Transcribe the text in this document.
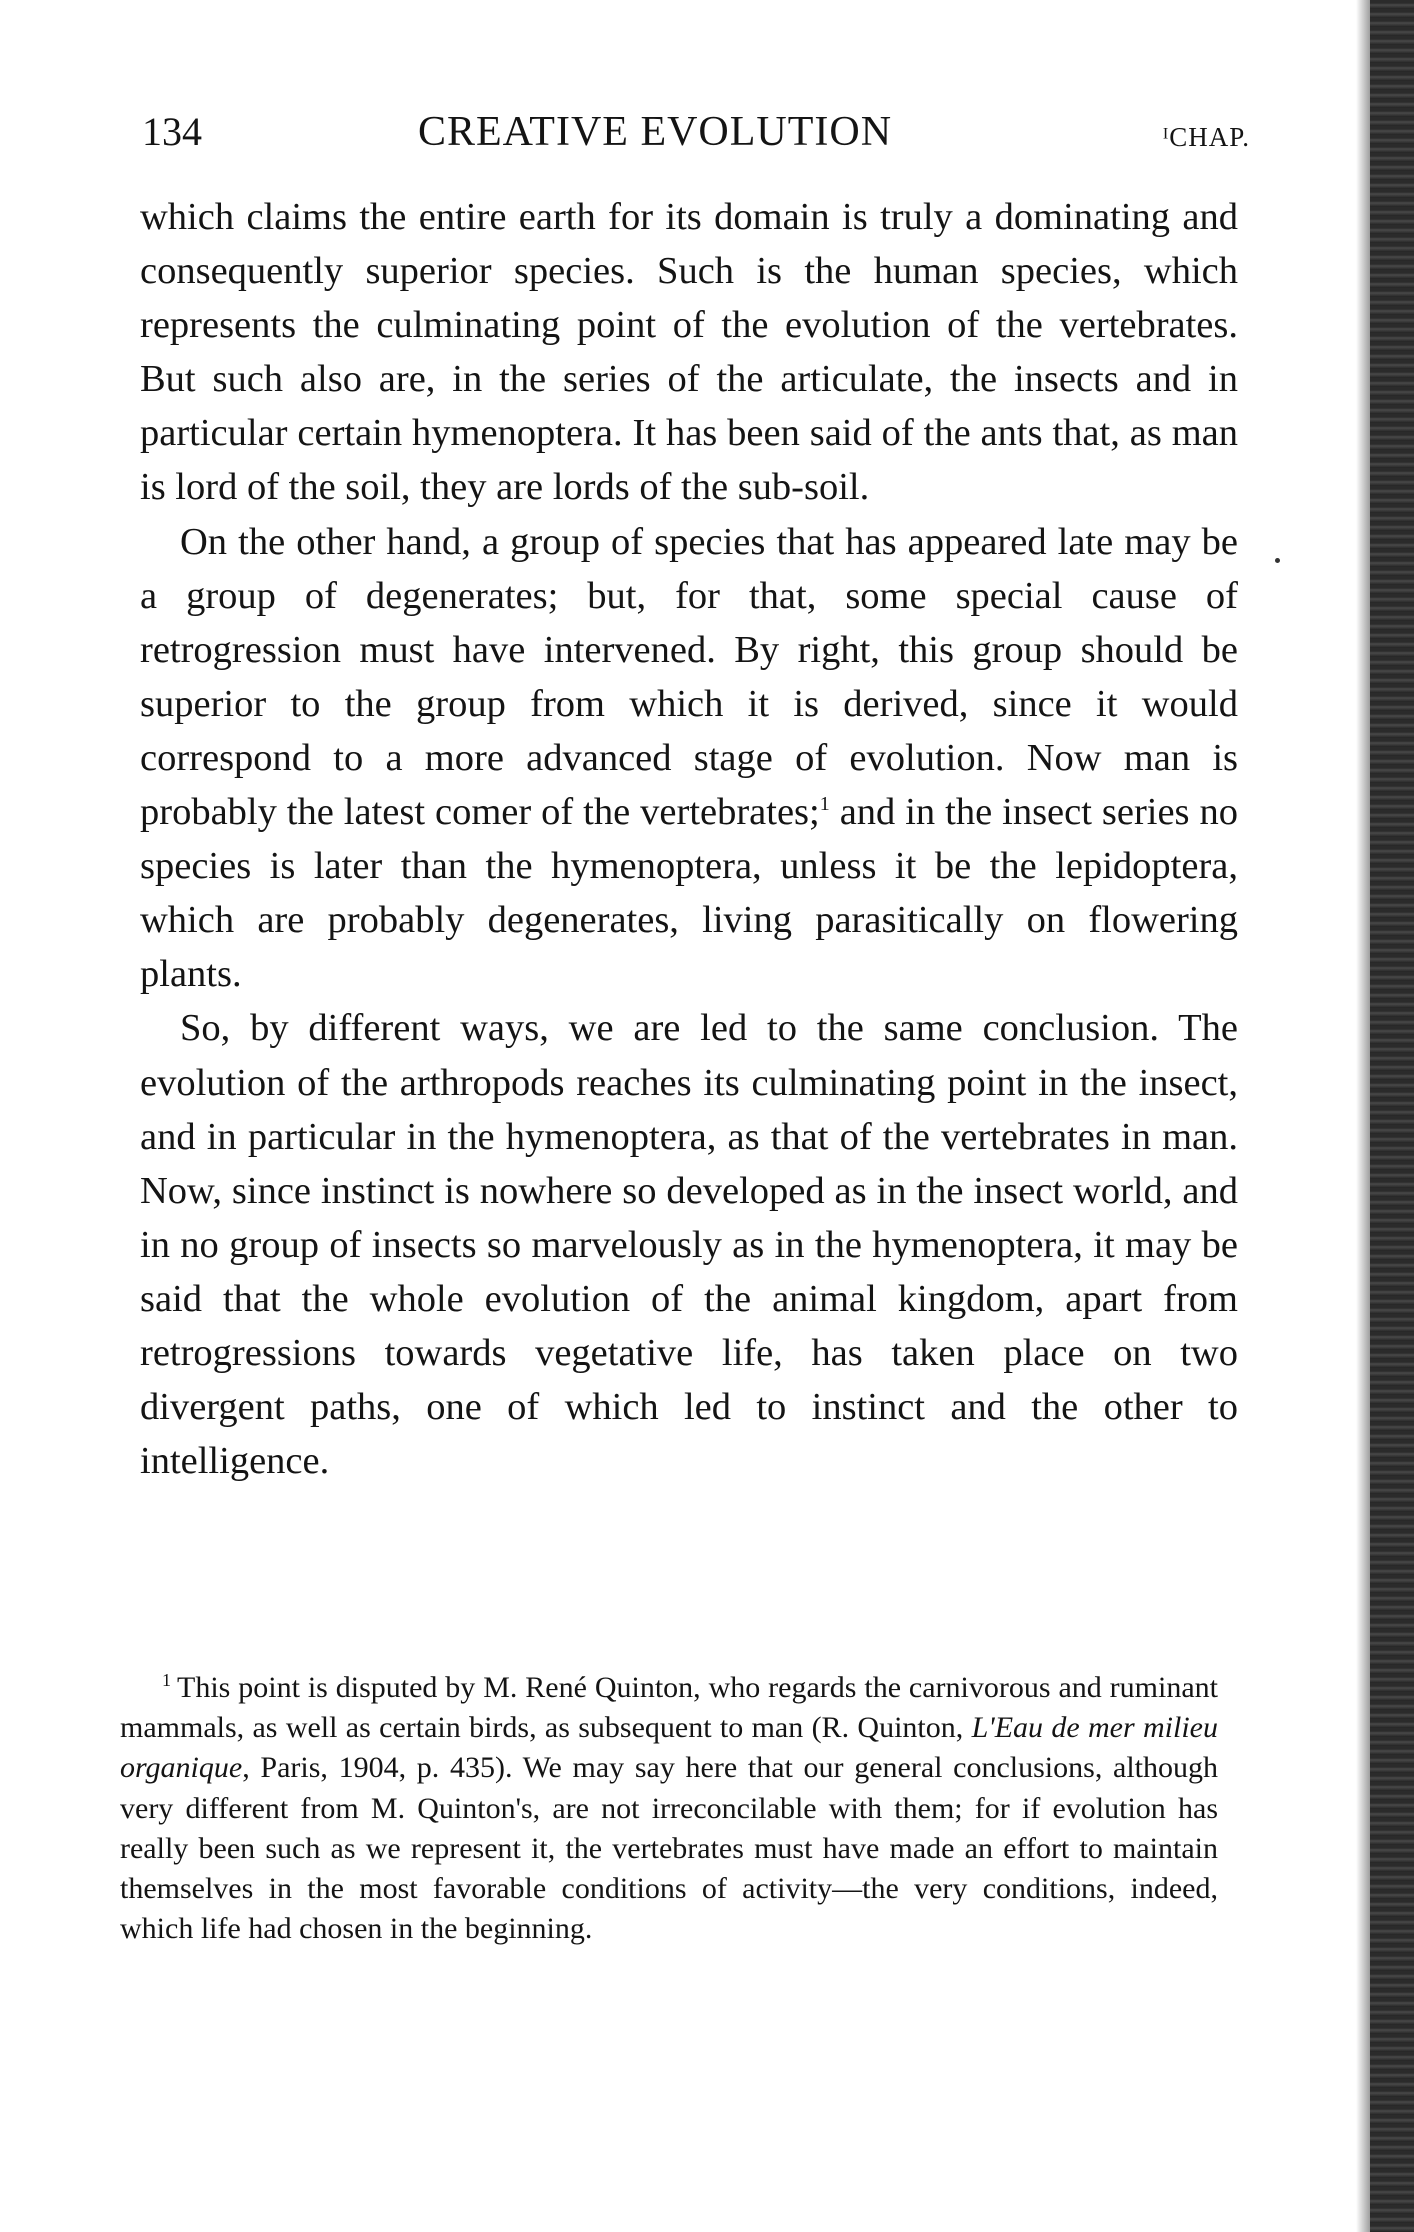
134	CREATIVE EVOLUTION	ᴵCHAP.

which claims the entire earth for its domain is truly a dominating and consequently superior species. Such is the human species, which represents the culminating point of the evolution of the vertebrates. But such also are, in the series of the articulate, the insects and in particular certain hymenoptera. It has been said of the ants that, as man is lord of the soil, they are lords of the sub-soil.

On the other hand, a group of species that has appeared late may be a group of degenerates; but, for that, some special cause of retrogression must have intervened. By right, this group should be superior to the group from which it is derived, since it would correspond to a more advanced stage of evolution. Now man is probably the latest comer of the vertebrates;$^1$ and in the insect series no species is later than the hymenoptera, unless it be the lepidoptera, which are probably degenerates, living parasitically on flowering plants.

So, by different ways, we are led to the same conclusion. The evolution of the arthropods reaches its culminating point in the insect, and in particular in the hymenoptera, as that of the vertebrates in man. Now, since instinct is nowhere so developed as in the insect world, and in no group of insects so marvelously as in the hymenoptera, it may be said that the whole evolution of the animal kingdom, apart from retrogressions towards vegetative life, has taken place on two divergent paths, one of which led to instinct and the other to intelligence.

$^1$ This point is disputed by M. René Quinton, who regards the carnivorous and ruminant mammals, as well as certain birds, as subsequent to man (R. Quinton, L'Eau de mer milieu organique, Paris, 1904, p. 435). We may say here that our general conclusions, although very different from M. Quinton's, are not irreconcilable with them; for if evolution has really been such as we represent it, the vertebrates must have made an effort to maintain themselves in the most favorable conditions of activity—the very conditions, indeed, which life had chosen in the beginning.
